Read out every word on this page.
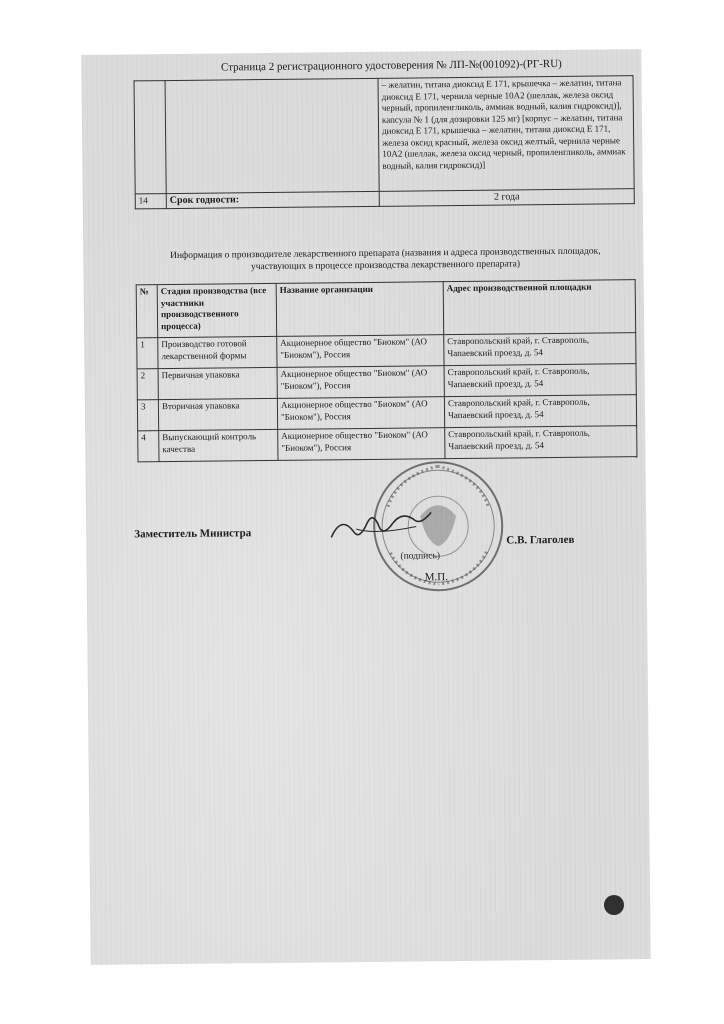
Страница 2 регистрационного удостоверения № ЛП-№(001092)-(РГ-RU)
		– желатин, титана диоксид Е 171, крышечка – желатин, титана диоксид Е 171, чернила черные 10А2 (шеллак, железа оксид черный, пропиленгликоль, аммиак водный, калия гидроксид)], капсула № 1 (для дозировки 125 мг) [корпус – желатин, титана диоксид Е 171, крышечка – желатин, титана диоксид Е 171, железа оксид красный, железа оксид желтый, чернила черные 10А2 (шеллак, железа оксид черный, пропиленгликоль, аммиак водный, калия гидроксид)]
14	Срок годности:	2 года
Информация о производителе лекарственного препарата (названия и адреса производственных площадок,
участвующих в процессе производства лекарственного препарата)
№	Стадия производства (все участники производственного процесса)	Название организации	Адрес производственной площадки
1	Производство готовой лекарственной формы	Акционерное общество "Биоком" (АО "Биоком"), Россия	Ставропольский край, г. Ставрополь, Чапаевский проезд, д. 54
2	Первичная упаковка	Акционерное общество "Биоком" (АО "Биоком"), Россия	Ставропольский край, г. Ставрополь, Чапаевский проезд, д. 54
3	Вторичная упаковка	Акционерное общество "Биоком" (АО "Биоком"), Россия	Ставропольский край, г. Ставрополь, Чапаевский проезд, д. 54
4	Выпускающий контроль качества	Акционерное общество "Биоком" (АО "Биоком"), Россия	Ставропольский край, г. Ставрополь, Чапаевский проезд, д. 54
Заместитель Министра	С.В. Глаголев
(подпись)
М.П.
